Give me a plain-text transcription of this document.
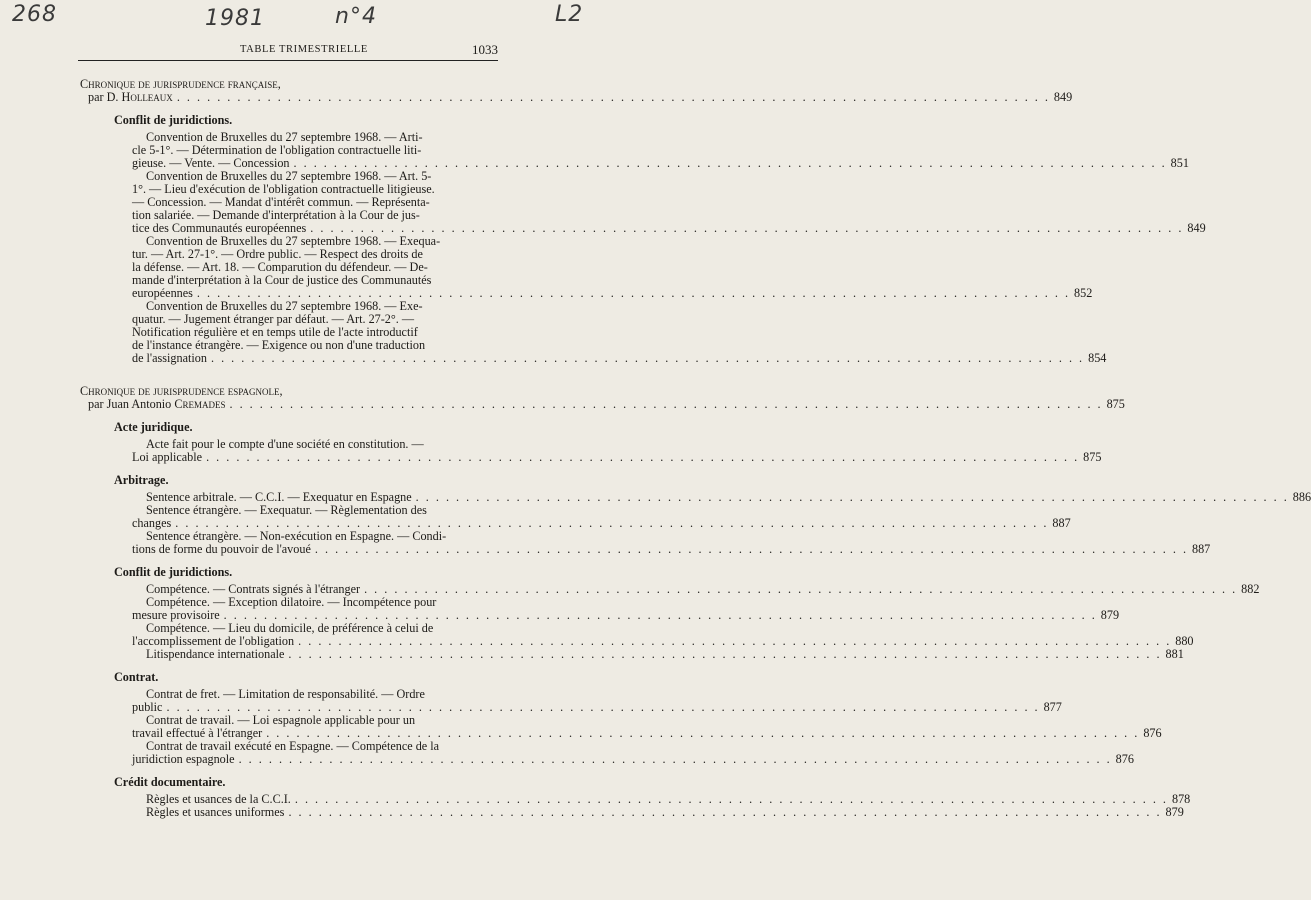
268	1981	n°4	L2
TABLE TRIMESTRIELLE	1033
Chronique de jurisprudence française,
par D. Holleaux . . . . . . . . . . . . . . . . . . . . . . . . . . . . . . . . . . . . . . . . . . . . . . . . . . . . . . . . . . . . . . . . . . . . . . . . . . . . . . . . . . . . . . . 849
Conflit de juridictions.
Convention de Bruxelles du 27 septembre 1968. — Arti-
cle 5-1°. — Détermination de l'obligation contractuelle liti-
gieuse. — Vente. — Concession . . . . . . . . . . . . . . . . . . . . . . . . . . . . . . . . . . . . . . . . . . . . . . . . . . . . . . . . . . . . . . . . . . . . . . . . . . . . . . . . . . . . . . . 851
Convention de Bruxelles du 27 septembre 1968. — Art. 5-
1°. — Lieu d'exécution de l'obligation contractuelle litigieuse.
— Concession. — Mandat d'intérêt commun. — Représenta-
tion salariée. — Demande d'interprétation à la Cour de jus-
tice des Communautés européennes . . . . . . . . . . . . . . . . . . . . . . . . . . . . . . . . . . . . . . . . . . . . . . . . . . . . . . . . . . . . . . . . . . . . . . . . . . . . . . . . . . . . . . . 849
Convention de Bruxelles du 27 septembre 1968. — Exequa-
tur. — Art. 27-1°. — Ordre public. — Respect des droits de
la défense. — Art. 18. — Comparution du défendeur. — De-
mande d'interprétation à la Cour de justice des Communautés
européennes . . . . . . . . . . . . . . . . . . . . . . . . . . . . . . . . . . . . . . . . . . . . . . . . . . . . . . . . . . . . . . . . . . . . . . . . . . . . . . . . . . . . . . . 852
Convention de Bruxelles du 27 septembre 1968. — Exe-
quatur. — Jugement étranger par défaut. — Art. 27-2°. —
Notification régulière et en temps utile de l'acte introductif
de l'instance étrangère. — Exigence ou non d'une traduction
de l'assignation . . . . . . . . . . . . . . . . . . . . . . . . . . . . . . . . . . . . . . . . . . . . . . . . . . . . . . . . . . . . . . . . . . . . . . . . . . . . . . . . . . . . . . . 854
Chronique de jurisprudence espagnole,
par Juan Antonio Cremades . . . . . . . . . . . . . . . . . . . . . . . . . . . . . . . . . . . . . . . . . . . . . . . . . . . . . . . . . . . . . . . . . . . . . . . . . . . . . . . . . . . . . . . 875
Acte juridique.
Acte fait pour le compte d'une société en constitution. —
Loi applicable . . . . . . . . . . . . . . . . . . . . . . . . . . . . . . . . . . . . . . . . . . . . . . . . . . . . . . . . . . . . . . . . . . . . . . . . . . . . . . . . . . . . . . . 875
Arbitrage.
Sentence arbitrale. — C.C.I. — Exequatur en Espagne . . . . . . . . . . . . . . . . . . . . . . . . . . . . . . . . . . . . . . . . . . . . . . . . . . . . . . . . . . . . . . . . . . . . . . . . . . . . . . . . . . . . . . . 886
Sentence étrangère. — Exequatur. — Règlementation des
changes . . . . . . . . . . . . . . . . . . . . . . . . . . . . . . . . . . . . . . . . . . . . . . . . . . . . . . . . . . . . . . . . . . . . . . . . . . . . . . . . . . . . . . . 887
Sentence étrangère. — Non-exécution en Espagne. — Condi-
tions de forme du pouvoir de l'avoué . . . . . . . . . . . . . . . . . . . . . . . . . . . . . . . . . . . . . . . . . . . . . . . . . . . . . . . . . . . . . . . . . . . . . . . . . . . . . . . . . . . . . . . 887
Conflit de juridictions.
Compétence. — Contrats signés à l'étranger . . . . . . . . . . . . . . . . . . . . . . . . . . . . . . . . . . . . . . . . . . . . . . . . . . . . . . . . . . . . . . . . . . . . . . . . . . . . . . . . . . . . . . . 882
Compétence. — Exception dilatoire. — Incompétence pour
mesure provisoire . . . . . . . . . . . . . . . . . . . . . . . . . . . . . . . . . . . . . . . . . . . . . . . . . . . . . . . . . . . . . . . . . . . . . . . . . . . . . . . . . . . . . . . 879
Compétence. — Lieu du domicile, de préférence à celui de
l'accomplissement de l'obligation . . . . . . . . . . . . . . . . . . . . . . . . . . . . . . . . . . . . . . . . . . . . . . . . . . . . . . . . . . . . . . . . . . . . . . . . . . . . . . . . . . . . . . . 880
Litispendance internationale . . . . . . . . . . . . . . . . . . . . . . . . . . . . . . . . . . . . . . . . . . . . . . . . . . . . . . . . . . . . . . . . . . . . . . . . . . . . . . . . . . . . . . . 881
Contrat.
Contrat de fret. — Limitation de responsabilité. — Ordre
public . . . . . . . . . . . . . . . . . . . . . . . . . . . . . . . . . . . . . . . . . . . . . . . . . . . . . . . . . . . . . . . . . . . . . . . . . . . . . . . . . . . . . . . 877
Contrat de travail. — Loi espagnole applicable pour un
travail effectué à l'étranger . . . . . . . . . . . . . . . . . . . . . . . . . . . . . . . . . . . . . . . . . . . . . . . . . . . . . . . . . . . . . . . . . . . . . . . . . . . . . . . . . . . . . . . 876
Contrat de travail exécuté en Espagne. — Compétence de la
juridiction espagnole . . . . . . . . . . . . . . . . . . . . . . . . . . . . . . . . . . . . . . . . . . . . . . . . . . . . . . . . . . . . . . . . . . . . . . . . . . . . . . . . . . . . . . . 876
Crédit documentaire.
Règles et usances de la C.C.I. . . . . . . . . . . . . . . . . . . . . . . . . . . . . . . . . . . . . . . . . . . . . . . . . . . . . . . . . . . . . . . . . . . . . . . . . . . . . . . . . . . . . . . . 878
Règles et usances uniformes . . . . . . . . . . . . . . . . . . . . . . . . . . . . . . . . . . . . . . . . . . . . . . . . . . . . . . . . . . . . . . . . . . . . . . . . . . . . . . . . . . . . . . . 879
